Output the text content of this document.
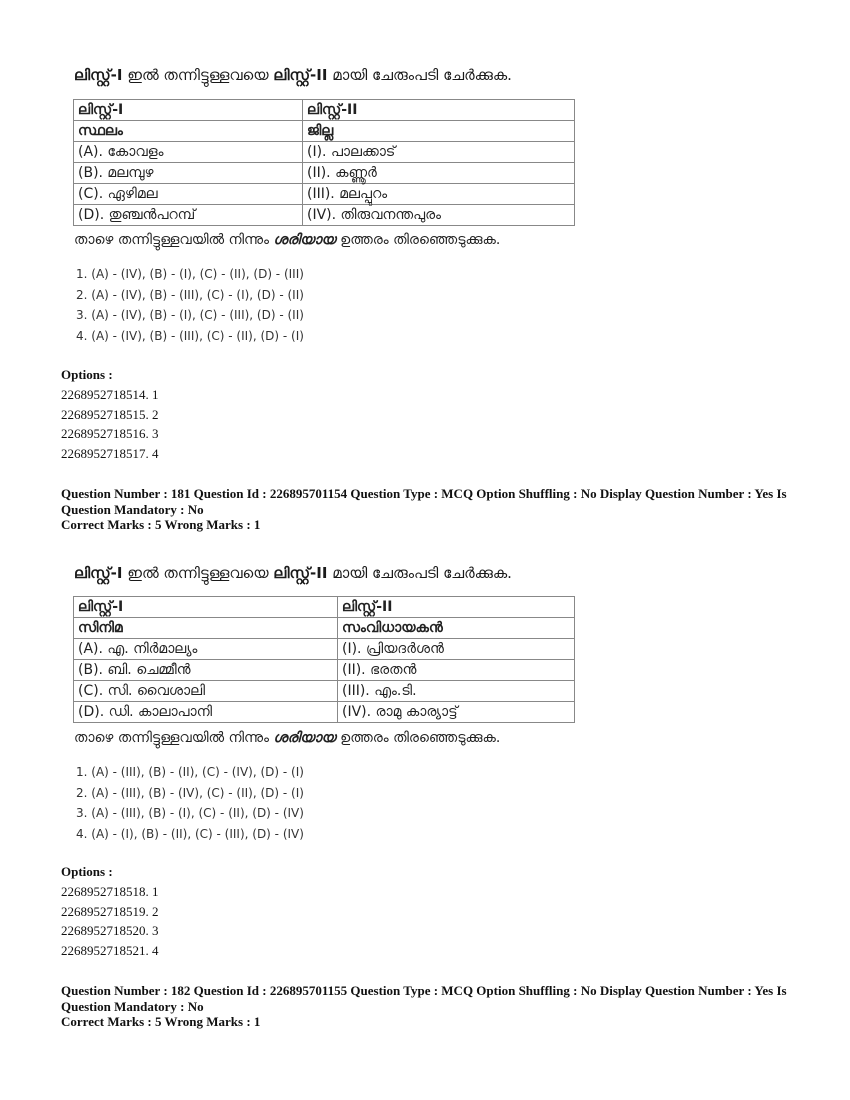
ലിസ്റ്റ്-I ഇൽ തന്നിട്ടുള്ളവയെ ലിസ്റ്റ്-II മായി ചേരുംപടി ചേർക്കുക.
ലിസ്റ്റ്-I	ലിസ്റ്റ്-II
സ്ഥലം	ജില്ല
(A). കോവളം	(I). പാലക്കാട്
(B). മലമ്പുഴ	(II). കണ്ണൂർ
(C). ഏഴിമല	(III). മലപ്പുറം
(D). തുഞ്ചൻപറമ്പ്	(IV). തിരുവനന്തപുരം
താഴെ തന്നിട്ടുള്ളവയിൽ നിന്നും ശരിയായ ഉത്തരം തിരഞ്ഞെടുക്കുക.
1. (A) - (IV), (B) - (I), (C) - (II), (D) - (III)
2. (A) - (IV), (B) - (III), (C) - (I), (D) - (II)
3. (A) - (IV), (B) - (I), (C) - (III), (D) - (II)
4. (A) - (IV), (B) - (III), (C) - (II), (D) - (I)
Options :
2268952718514. 1
2268952718515. 2
2268952718516. 3
2268952718517. 4
Question Number : 181 Question Id : 226895701154 Question Type : MCQ Option Shuffling : No Display Question Number : Yes Is Question Mandatory : No
Correct Marks : 5 Wrong Marks : 1
ലിസ്റ്റ്-I ഇൽ തന്നിട്ടുള്ളവയെ ലിസ്റ്റ്-II മായി ചേരുംപടി ചേർക്കുക.
ലിസ്റ്റ്-I	ലിസ്റ്റ്-II
സിനിമ	സംവിധായകൻ
(A). എ. നിർമാല്യം	(I). പ്രിയദർശൻ
(B). ബി. ചെമ്മീൻ	(II). ഭരതൻ
(C). സി. വൈശാലി	(III). എം.ടി.
(D). ഡി. കാലാപാനി	(IV). രാമു കാര്യാട്ട്
താഴെ തന്നിട്ടുള്ളവയിൽ നിന്നും ശരിയായ ഉത്തരം തിരഞ്ഞെടുക്കുക.
1. (A) - (III), (B) - (II), (C) - (IV), (D) - (I)
2. (A) - (III), (B) - (IV), (C) - (II), (D) - (I)
3. (A) - (III), (B) - (I), (C) - (II), (D) - (IV)
4. (A) - (I), (B) - (II), (C) - (III), (D) - (IV)
Options :
2268952718518. 1
2268952718519. 2
2268952718520. 3
2268952718521. 4
Question Number : 182 Question Id : 226895701155 Question Type : MCQ Option Shuffling : No Display Question Number : Yes Is Question Mandatory : No
Correct Marks : 5 Wrong Marks : 1
